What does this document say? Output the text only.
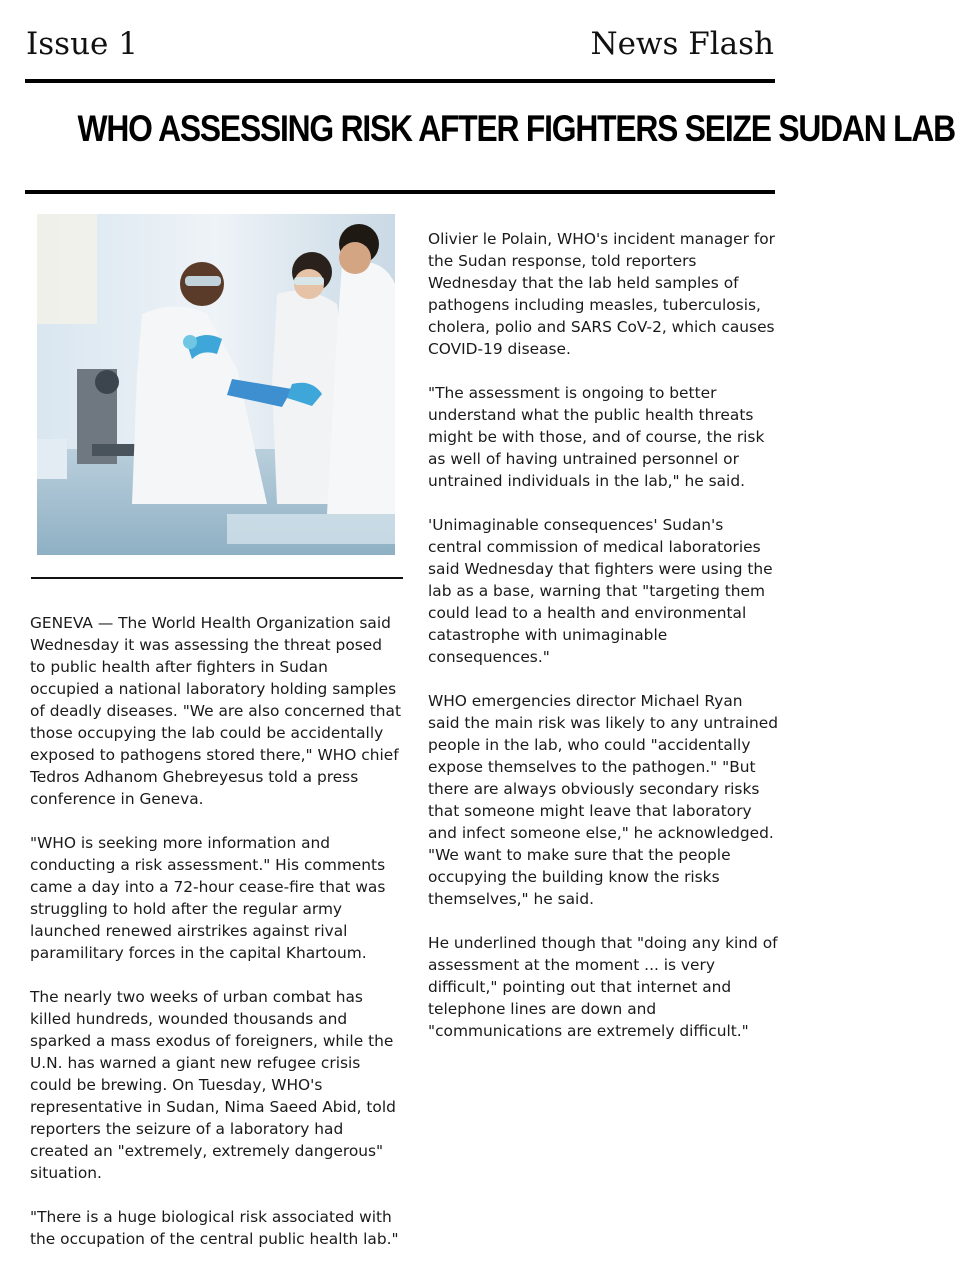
Issue 1	News Flash
WHO ASSESSING RISK AFTER FIGHTERS SEIZE SUDAN LAB

GENEVA — The World Health Organization said Wednesday it was assessing the threat posed to public health after fighters in Sudan occupied a national laboratory holding samples of deadly diseases. "We are also concerned that those occupying the lab could be accidentally exposed to pathogens stored there," WHO chief Tedros Adhanom Ghebreyesus told a press conference in Geneva.

"WHO is seeking more information and conducting a risk assessment." His comments came a day into a 72-hour cease-fire that was struggling to hold after the regular army launched renewed airstrikes against rival paramilitary forces in the capital Khartoum.

The nearly two weeks of urban combat has killed hundreds, wounded thousands and sparked a mass exodus of foreigners, while the U.N. has warned a giant new refugee crisis could be brewing. On Tuesday, WHO's representative in Sudan, Nima Saeed Abid, told reporters the seizure of a laboratory had created an "extremely, extremely dangerous" situation.

"There is a huge biological risk associated with the occupation of the central public health lab."

Olivier le Polain, WHO's incident manager for the Sudan response, told reporters Wednesday that the lab held samples of pathogens including measles, tuberculosis, cholera, polio and SARS CoV-2, which causes COVID-19 disease.

"The assessment is ongoing to better understand what the public health threats might be with those, and of course, the risk as well of having untrained personnel or untrained individuals in the lab," he said.

'Unimaginable consequences' Sudan's central commission of medical laboratories said Wednesday that fighters were using the lab as a base, warning that "targeting them could lead to a health and environmental catastrophe with unimaginable consequences."

WHO emergencies director Michael Ryan said the main risk was likely to any untrained people in the lab, who could "accidentally expose themselves to the pathogen." "But there are always obviously secondary risks that someone might leave that laboratory and infect someone else," he acknowledged. "We want to make sure that the people occupying the building know the risks themselves," he said.

He underlined though that "doing any kind of assessment at the moment ... is very difficult," pointing out that internet and telephone lines are down and "communications are extremely difficult."
